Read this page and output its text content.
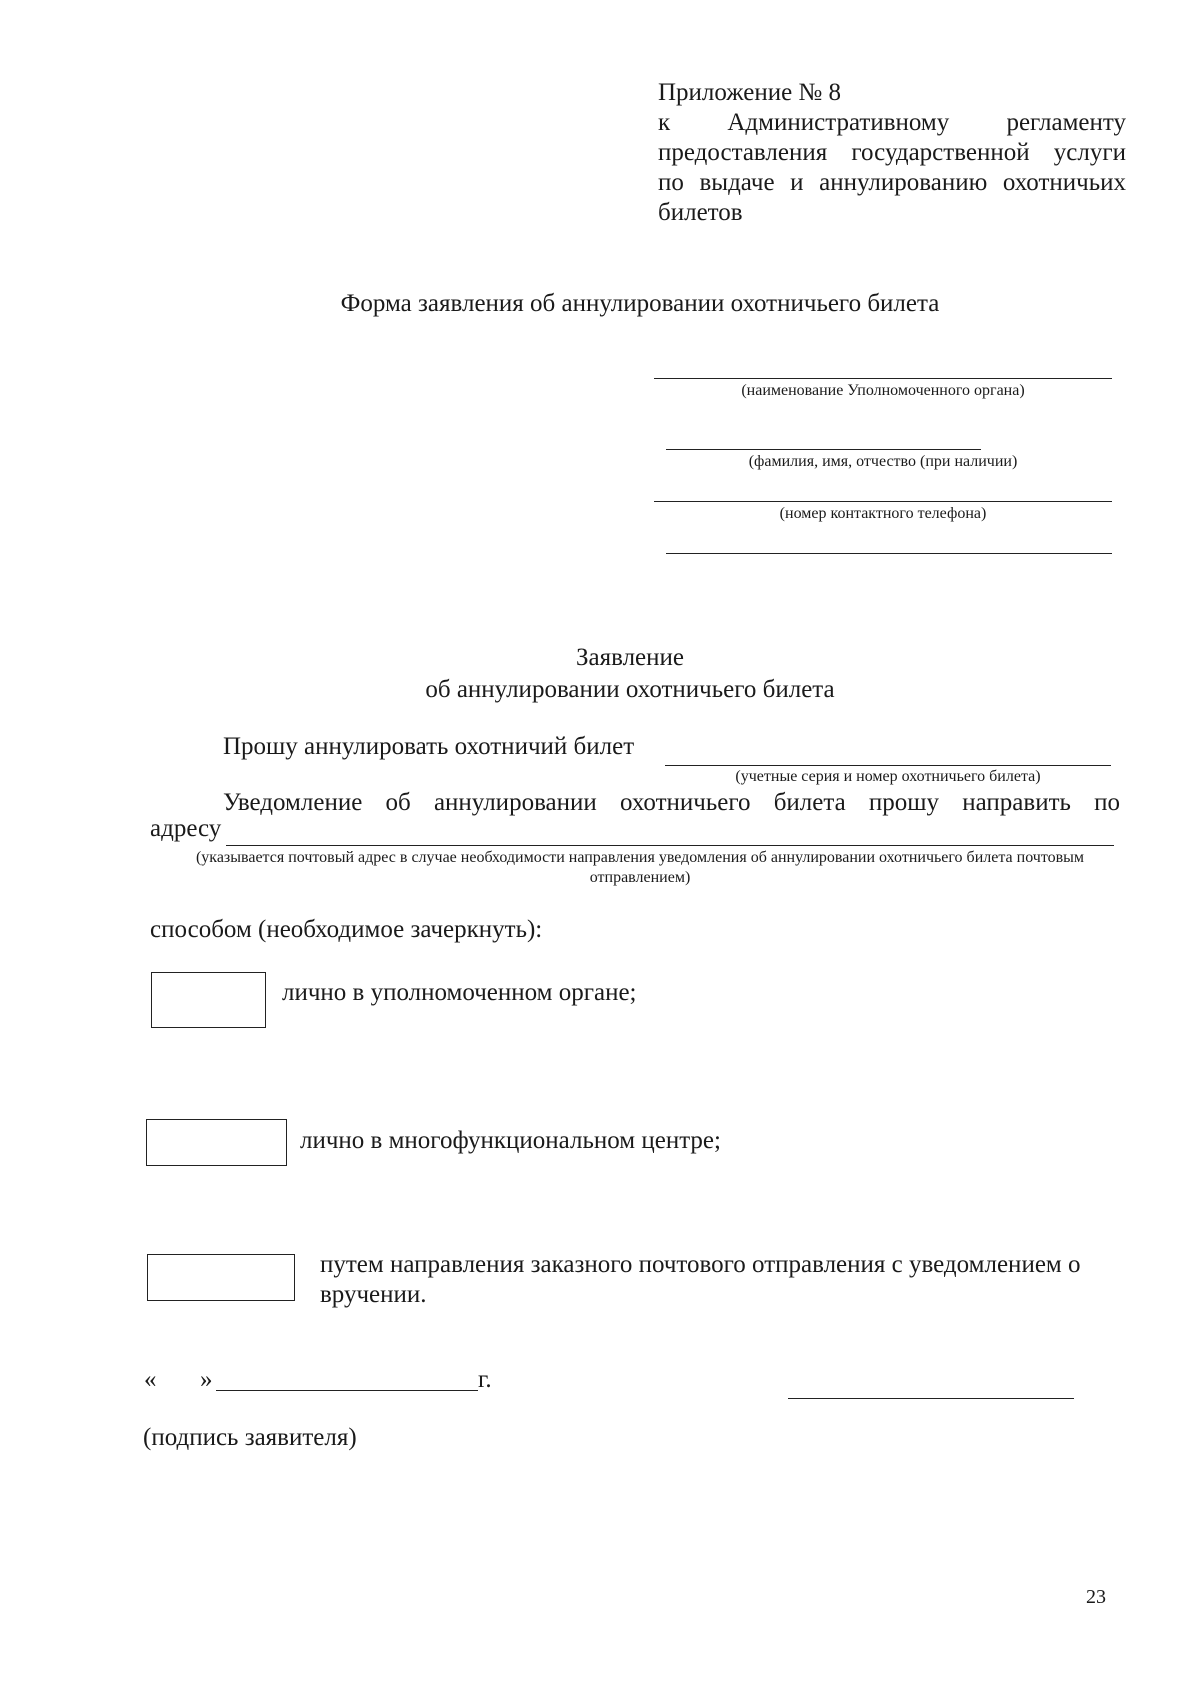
Приложение № 8
к Административному регламенту
предоставления государственной услуги
по выдаче и аннулированию охотничьих
билетов
Форма заявления об аннулировании охотничьего билета
(наименование Уполномоченного органа)
(фамилия, имя, отчество (при наличии)
(номер контактного телефона)
Заявление
об аннулировании охотничьего билета
Прошу аннулировать охотничий билет
(учетные серия и номер охотничьего билета)
Уведомление об аннулировании охотничьего билета прошу направить по
адресу
(указывается почтовый адрес в случае необходимости направления уведомления об аннулировании охотничьего билета почтовым отправлением)
способом (необходимое зачеркнуть):
лично в уполномоченном органе;
лично в многофункциональном центре;
путем направления заказного почтового отправления с уведомлением о вручении.
« »	г.
(подпись заявителя)
23
